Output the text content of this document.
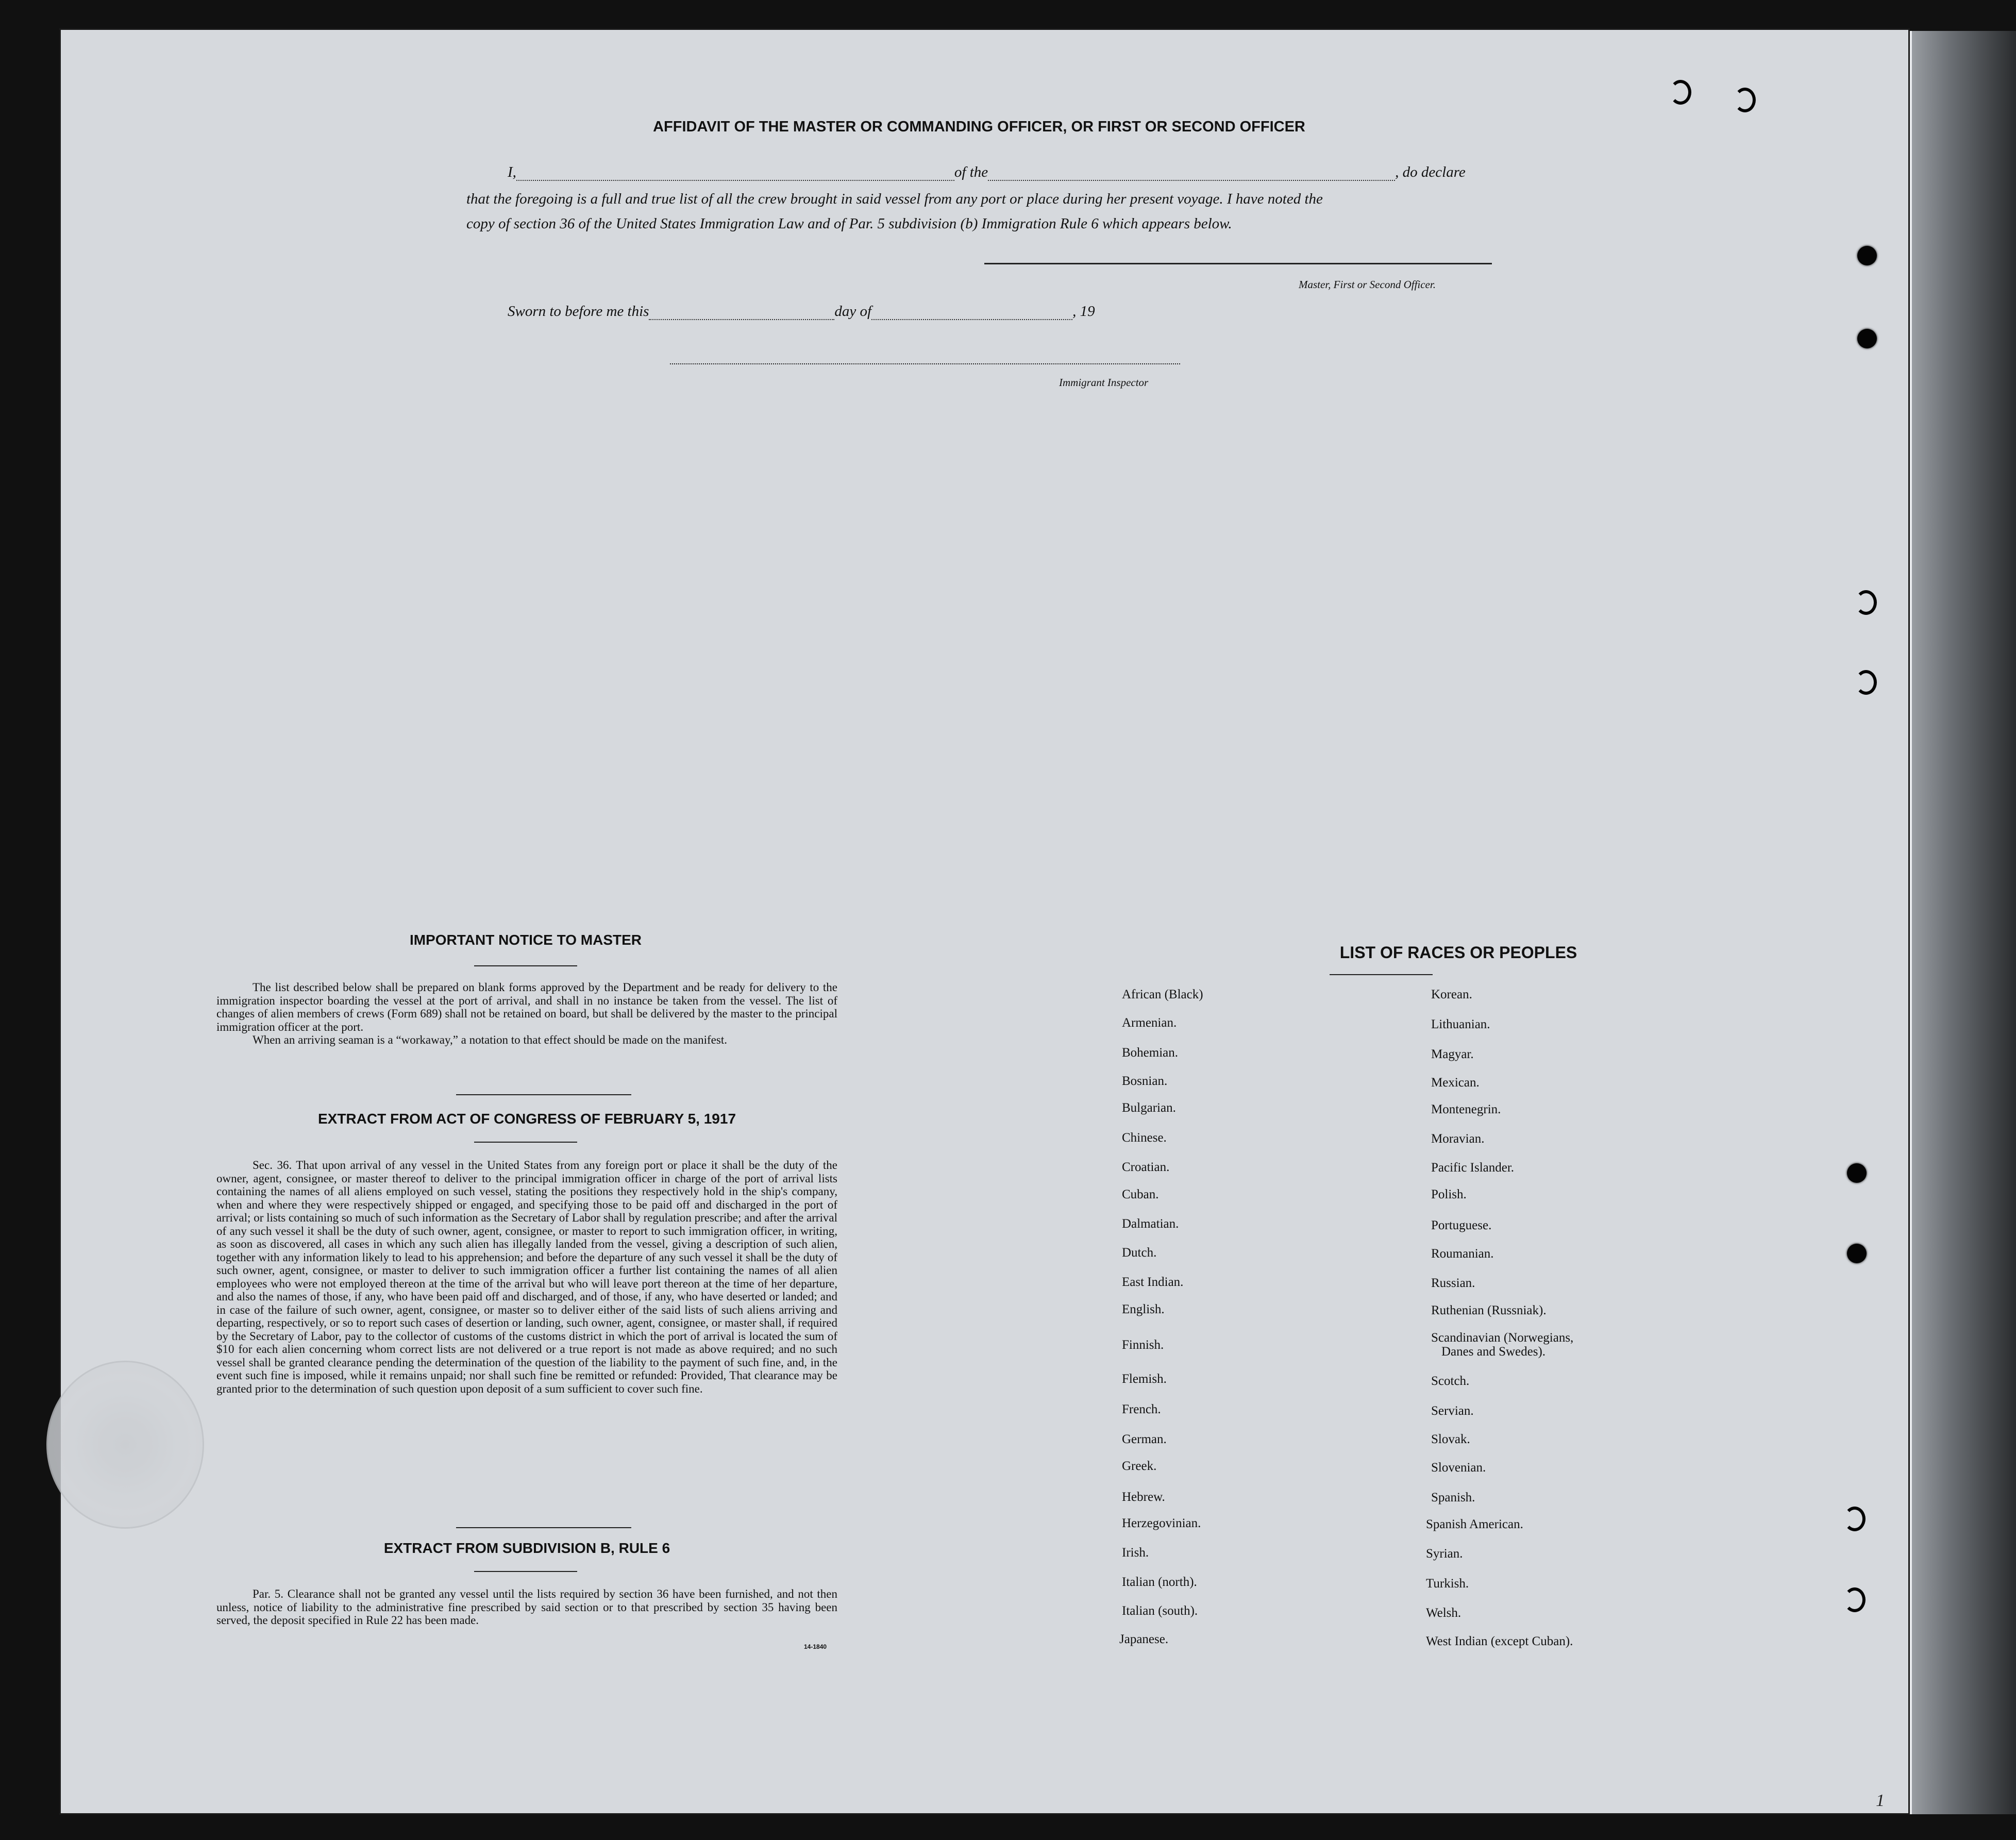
AFFIDAVIT OF THE MASTER OR COMMANDING OFFICER, OR FIRST OR SECOND OFFICER
I,	of the	, do declare
that the foregoing is a full and true list of all the crew brought in said vessel from any port or place during her present voyage. I have noted the
copy of section 36 of the United States Immigration Law and of Par. 5 subdivision (b) Immigration Rule 6 which appears below.
Master, First or Second Officer.
Sworn to before me this	day of	, 19
Immigrant Inspector
IMPORTANT NOTICE TO MASTER

The list described below shall be prepared on blank forms approved by the Department and be ready for delivery to the immigration inspector boarding the vessel at the port of arrival, and shall in no instance be taken from the vessel. The list of changes of alien members of crews (Form 689) shall not be retained on board, but shall be delivered by the master to the principal immigration officer at the port.

When an arriving seaman is a “workaway,” a notation to that effect should be made on the manifest.

EXTRACT FROM ACT OF CONGRESS OF FEBRUARY 5, 1917

Sec. 36. That upon arrival of any vessel in the United States from any foreign port or place it shall be the duty of the owner, agent, consignee, or master thereof to deliver to the principal immigration officer in charge of the port of arrival lists containing the names of all aliens employed on such vessel, stating the positions they respectively hold in the ship's company, when and where they were respectively shipped or engaged, and specifying those to be paid off and discharged in the port of arrival; or lists containing so much of such information as the Secretary of Labor shall by regulation prescribe; and after the arrival of any such vessel it shall be the duty of such owner, agent, consignee, or master to report to such immigration officer, in writing, as soon as discovered, all cases in which any such alien has illegally landed from the vessel, giving a description of such alien, together with any information likely to lead to his apprehension; and before the departure of any such vessel it shall be the duty of such owner, agent, consignee, or master to deliver to such immigration officer a further list containing the names of all alien employees who were not employed thereon at the time of the arrival but who will leave port thereon at the time of her departure, and also the names of those, if any, who have been paid off and discharged, and of those, if any, who have deserted or landed; and in case of the failure of such owner, agent, consignee, or master so to deliver either of the said lists of such aliens arriving and departing, respectively, or so to report such cases of desertion or landing, such owner, agent, consignee, or master shall, if required by the Secretary of Labor, pay to the collector of customs of the customs district in which the port of arrival is located the sum of $10 for each alien concerning whom correct lists are not delivered or a true report is not made as above required; and no such vessel shall be granted clearance pending the determination of the question of the liability to the payment of such fine, and, in the event such fine is imposed, while it remains unpaid; nor shall such fine be remitted or refunded: Provided, That clearance may be granted prior to the determination of such question upon deposit of a sum sufficient to cover such fine.

EXTRACT FROM SUBDIVISION B, RULE 6

Par. 5. Clearance shall not be granted any vessel until the lists required by section 36 have been furnished, and not then unless, notice of liability to the administrative fine prescribed by said section or to that prescribed by section 35 having been served, the deposit specified in Rule 22 has been made.

14-1840
LIST OF RACES OR PEOPLES
African (Black)
Armenian.
Bohemian.
Bosnian.
Bulgarian.
Chinese.
Croatian.
Cuban.
Dalmatian.
Dutch.
East Indian.
English.
Finnish.
Flemish.
French.
German.
Greek.
Hebrew.
Herzegovinian.
Irish.
Italian (north).
Italian (south).
Japanese.
Korean.
Lithuanian.
Magyar.
Mexican.
Montenegrin.
Moravian.
Pacific Islander.
Polish.
Portuguese.
Roumanian.
Russian.
Ruthenian (Russniak).
Scandinavian (Norwegians,
Danes and Swedes).
Scotch.
Servian.
Slovak.
Slovenian.
Spanish.
Spanish American.
Syrian.
Turkish.
Welsh.
West Indian (except Cuban).
1
